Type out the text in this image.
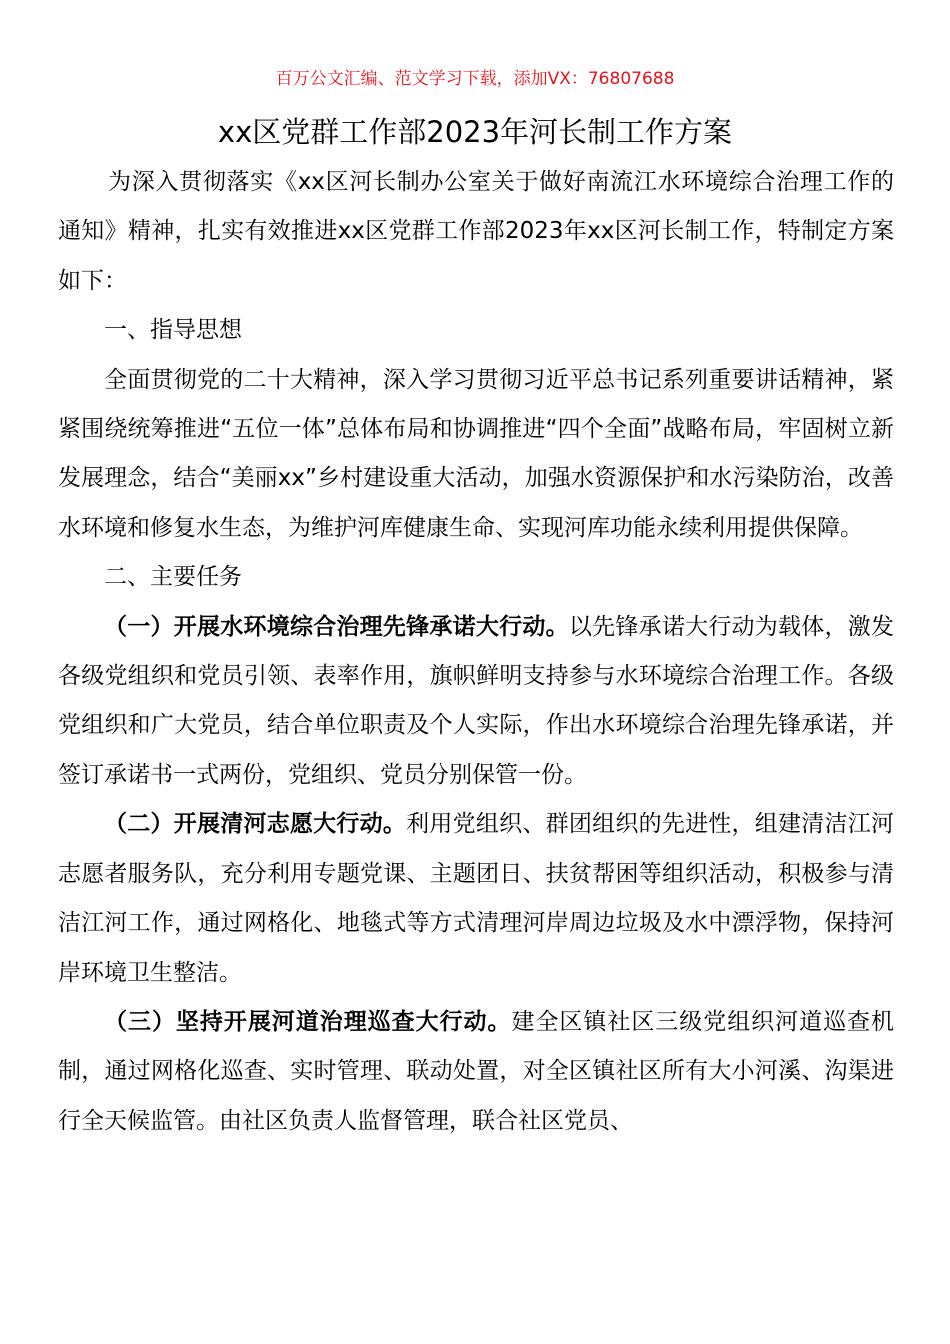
百万公文汇编、范文学习下载，添加VX：76807688
xx区党群工作部2023年河长制工作方案

为深入贯彻落实《xx区河长制办公室关于做好南流江水环境综合治理工作的通知》精神，扎实有效推进xx区党群工作部2023年xx区河长制工作，特制定方案如下：

一、指导思想

全面贯彻党的二十大精神，深入学习贯彻习近平总书记系列重要讲话精神，紧紧围绕统筹推进“五位一体”总体布局和协调推进“四个全面”战略布局，牢固树立新发展理念，结合“美丽xx”乡村建设重大活动，加强水资源保护和水污染防治，改善水环境和修复水生态，为维护河库健康生命、实现河库功能永续利用提供保障。

二、主要任务

（一）开展水环境综合治理先锋承诺大行动。以先锋承诺大行动为载体，激发各级党组织和党员引领、表率作用，旗帜鲜明支持参与水环境综合治理工作。各级党组织和广大党员，结合单位职责及个人实际，作出水环境综合治理先锋承诺，并签订承诺书一式两份，党组织、党员分别保管一份。

（二）开展清河志愿大行动。利用党组织、群团组织的先进性，组建清洁江河志愿者服务队，充分利用专题党课、主题团日、扶贫帮困等组织活动，积极参与清洁江河工作，通过网格化、地毯式等方式清理河岸周边垃圾及水中漂浮物，保持河岸环境卫生整洁。

（三）坚持开展河道治理巡查大行动。建全区镇社区三级党组织河道巡查机制，通过网格化巡查、实时管理、联动处置，对全区镇社区所有大小河溪、沟渠进行全天候监管。由社区负责人监督管理，联合社区党员、
